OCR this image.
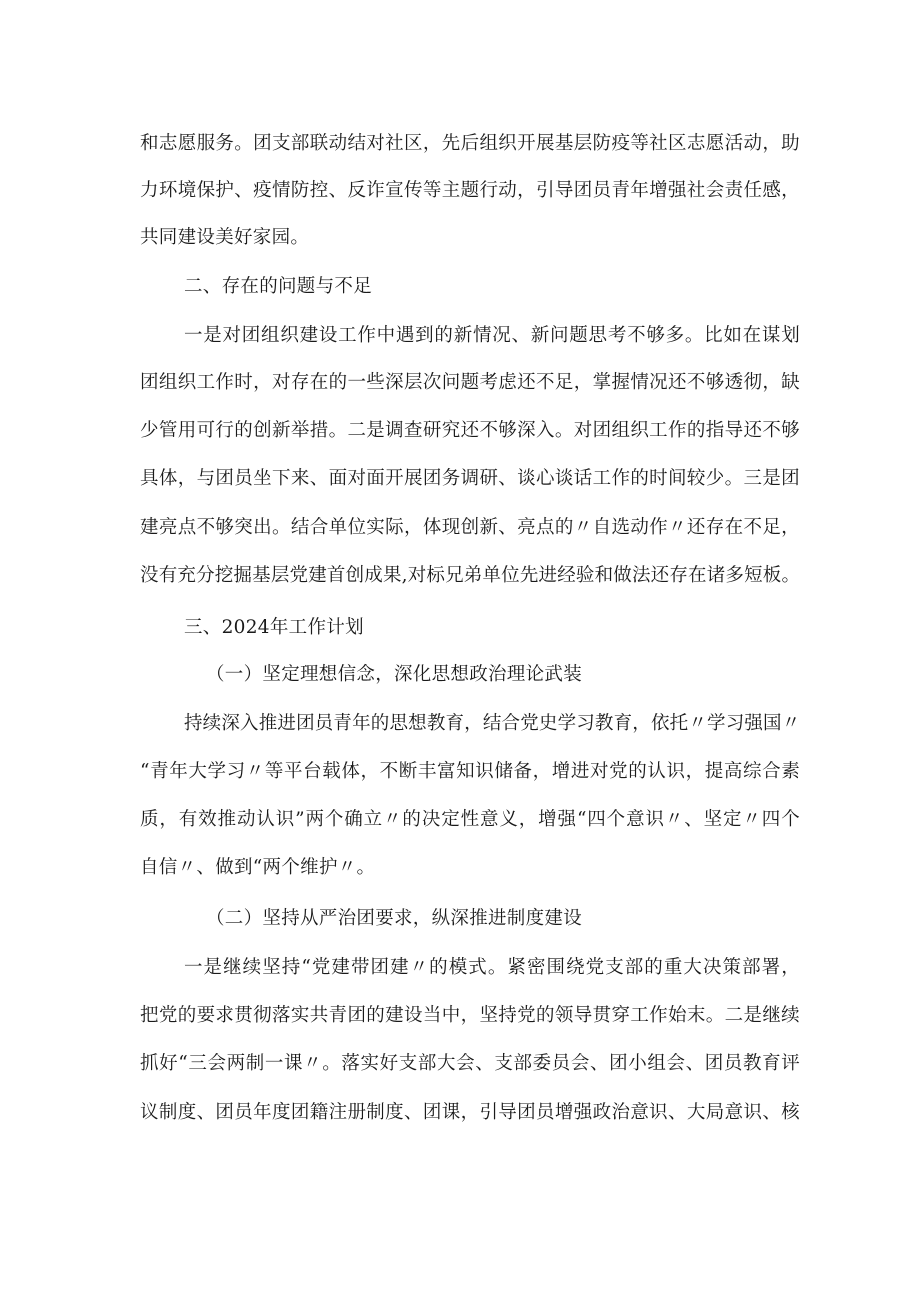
和志愿服务。团支部联动结对社区，先后组织开展基层防疫等社区志愿活动，助

力环境保护、疫情防控、反诈宣传等主题行动，引导团员青年增强社会责任感，

共同建设美好家园。

二、存在的问题与不足

一是对团组织建设工作中遇到的新情况、新问题思考不够多。比如在谋划

团组织工作时，对存在的一些深层次问题考虑还不足，掌握情况还不够透彻，缺

少管用可行的创新举措。二是调查研究还不够深入。对团组织工作的指导还不够

具体，与团员坐下来、面对面开展团务调研、谈心谈话工作的时间较少。三是团

建亮点不够突出。结合单位实际，体现创新、亮点的〃自选动作〃还存在不足，

没有充分挖掘基层党建首创成果,对标兄弟单位先进经验和做法还存在诸多短板。

三、2024年工作计划

（一）坚定理想信念，深化思想政治理论武装

持续深入推进团员青年的思想教育，结合党史学习教育，依托〃学习强国〃

“青年大学习〃等平台载体，不断丰富知识储备，增进对党的认识，提高综合素

质，有效推动认识”两个确立〃的决定性意义，增强“四个意识〃、坚定〃四个

自信〃、做到“两个维护〃。

（二）坚持从严治团要求，纵深推进制度建设

一是继续坚持“党建带团建〃的模式。紧密围绕党支部的重大决策部署，

把党的要求贯彻落实共青团的建设当中，坚持党的领导贯穿工作始末。二是继续

抓好“三会两制一课〃。落实好支部大会、支部委员会、团小组会、团员教育评

议制度、团员年度团籍注册制度、团课，引导团员增强政治意识、大局意识、核
